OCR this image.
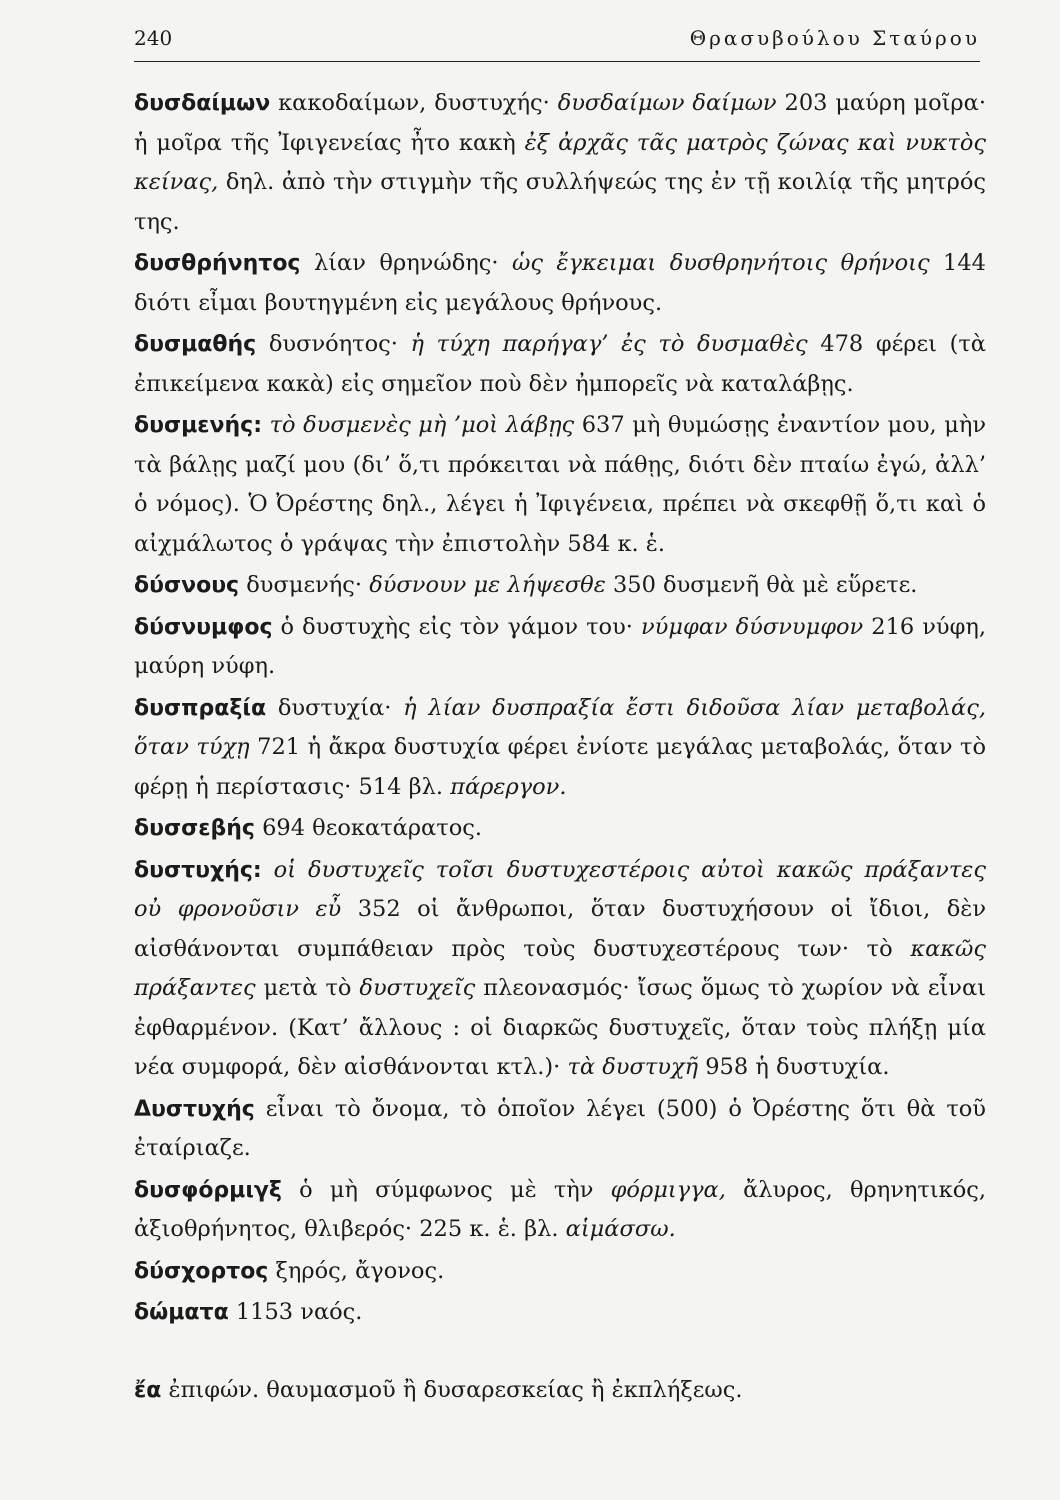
240	Θρασυβούλου Σταύρου

δυσδαίμων κακοδαίμων, δυστυχής· δυσδαίμων δαίμων 203 μαύρη μοῖρα· ἡ μοῖρα τῆς Ἰφιγενείας ἦτο κακὴ ἐξ ἀρχᾶς τᾶς ματρὸς ζώνας καὶ νυκτὸς κείνας, δηλ. ἀπὸ τὴν στιγμὴν τῆς συλλήψεώς της ἐν τῇ κοιλίᾳ τῆς μητρός της.

δυσθρήνητος λίαν θρηνώδης· ὡς ἔγκειμαι δυσθρηνήτοις θρήνοις 144 διότι εἶμαι βουτηγμένη εἰς μεγάλους θρήνους.

δυσμαθής δυσνόητος· ἡ τύχη παρήγαγ’ ἐς τὸ δυσμαθὲς 478 φέρει (τὰ ἐπικείμενα κακὰ) εἰς σημεῖον ποὺ δὲν ἠμπορεῖς νὰ καταλάβῃς.

δυσμενής: τὸ δυσμενὲς μὴ ’μοὶ λάβῃς 637 μὴ θυμώσῃς ἐναντίον μου, μὴν τὰ βάλῃς μαζί μου (δι’ ὅ,τι πρόκειται νὰ πάθῃς, διότι δὲν πταίω ἐγώ, ἀλλ’ ὁ νόμος). Ὁ Ὀρέστης δηλ., λέγει ἡ Ἰφιγένεια, πρέπει νὰ σκεφθῇ ὅ,τι καὶ ὁ αἰχμάλωτος ὁ γράψας τὴν ἐπιστολὴν 584 κ. ἑ.

δύσνους δυσμενής· δύσνουν με λήψεσθε 350 δυσμενῆ θὰ μὲ εὕρετε.

δύσνυμφος ὁ δυστυχὴς εἰς τὸν γάμον του· νύμφαν δύσνυμφον 216 νύφη, μαύρη νύφη.

δυσπραξία δυστυχία· ἡ λίαν δυσπραξία ἔστι διδοῦσα λίαν μεταβολάς, ὅταν τύχῃ 721 ἡ ἄκρα δυστυχία φέρει ἐνίοτε μεγάλας μεταβολάς, ὅταν τὸ φέρῃ ἡ περίστασις· 514 βλ. πάρεργον.

δυσσεβής 694 θεοκατάρατος.

δυστυχής: οἱ δυστυχεῖς τοῖσι δυστυχεστέροις αὐτοὶ κακῶς πράξαντες οὐ φρονοῦσιν εὖ 352 οἱ ἄνθρωποι, ὅταν δυστυχήσουν οἱ ἴδιοι, δὲν αἰσθάνονται συμπάθειαν πρὸς τοὺς δυστυχεστέρους των· τὸ κακῶς πράξαντες μετὰ τὸ δυστυχεῖς πλεονασμός· ἴσως ὅμως τὸ χωρίον νὰ εἶναι ἐφθαρμένον. (Κατ’ ἄλλους : οἱ διαρκῶς δυστυχεῖς, ὅταν τοὺς πλήξῃ μία νέα συμφορά, δὲν αἰσθάνονται κτλ.)· τὰ δυστυχῆ 958 ἡ δυστυχία.

Δυστυχής εἶναι τὸ ὄνομα, τὸ ὁποῖον λέγει (500) ὁ Ὀρέστης ὅτι θὰ τοῦ ἐταίριαζε.

δυσφόρμιγξ ὁ μὴ σύμφωνος μὲ τὴν φόρμιγγα, ἄλυρος, θρηνητικός, ἀξιοθρήνητος, θλιβερός· 225 κ. ἑ. βλ. αἱμάσσω.

δύσχορτος ξηρός, ἄγονος.

δώματα 1153 ναός.

ἔα ἐπιφών. θαυμασμοῦ ἢ δυσαρεσκείας ἢ ἐκπλήξεως.
